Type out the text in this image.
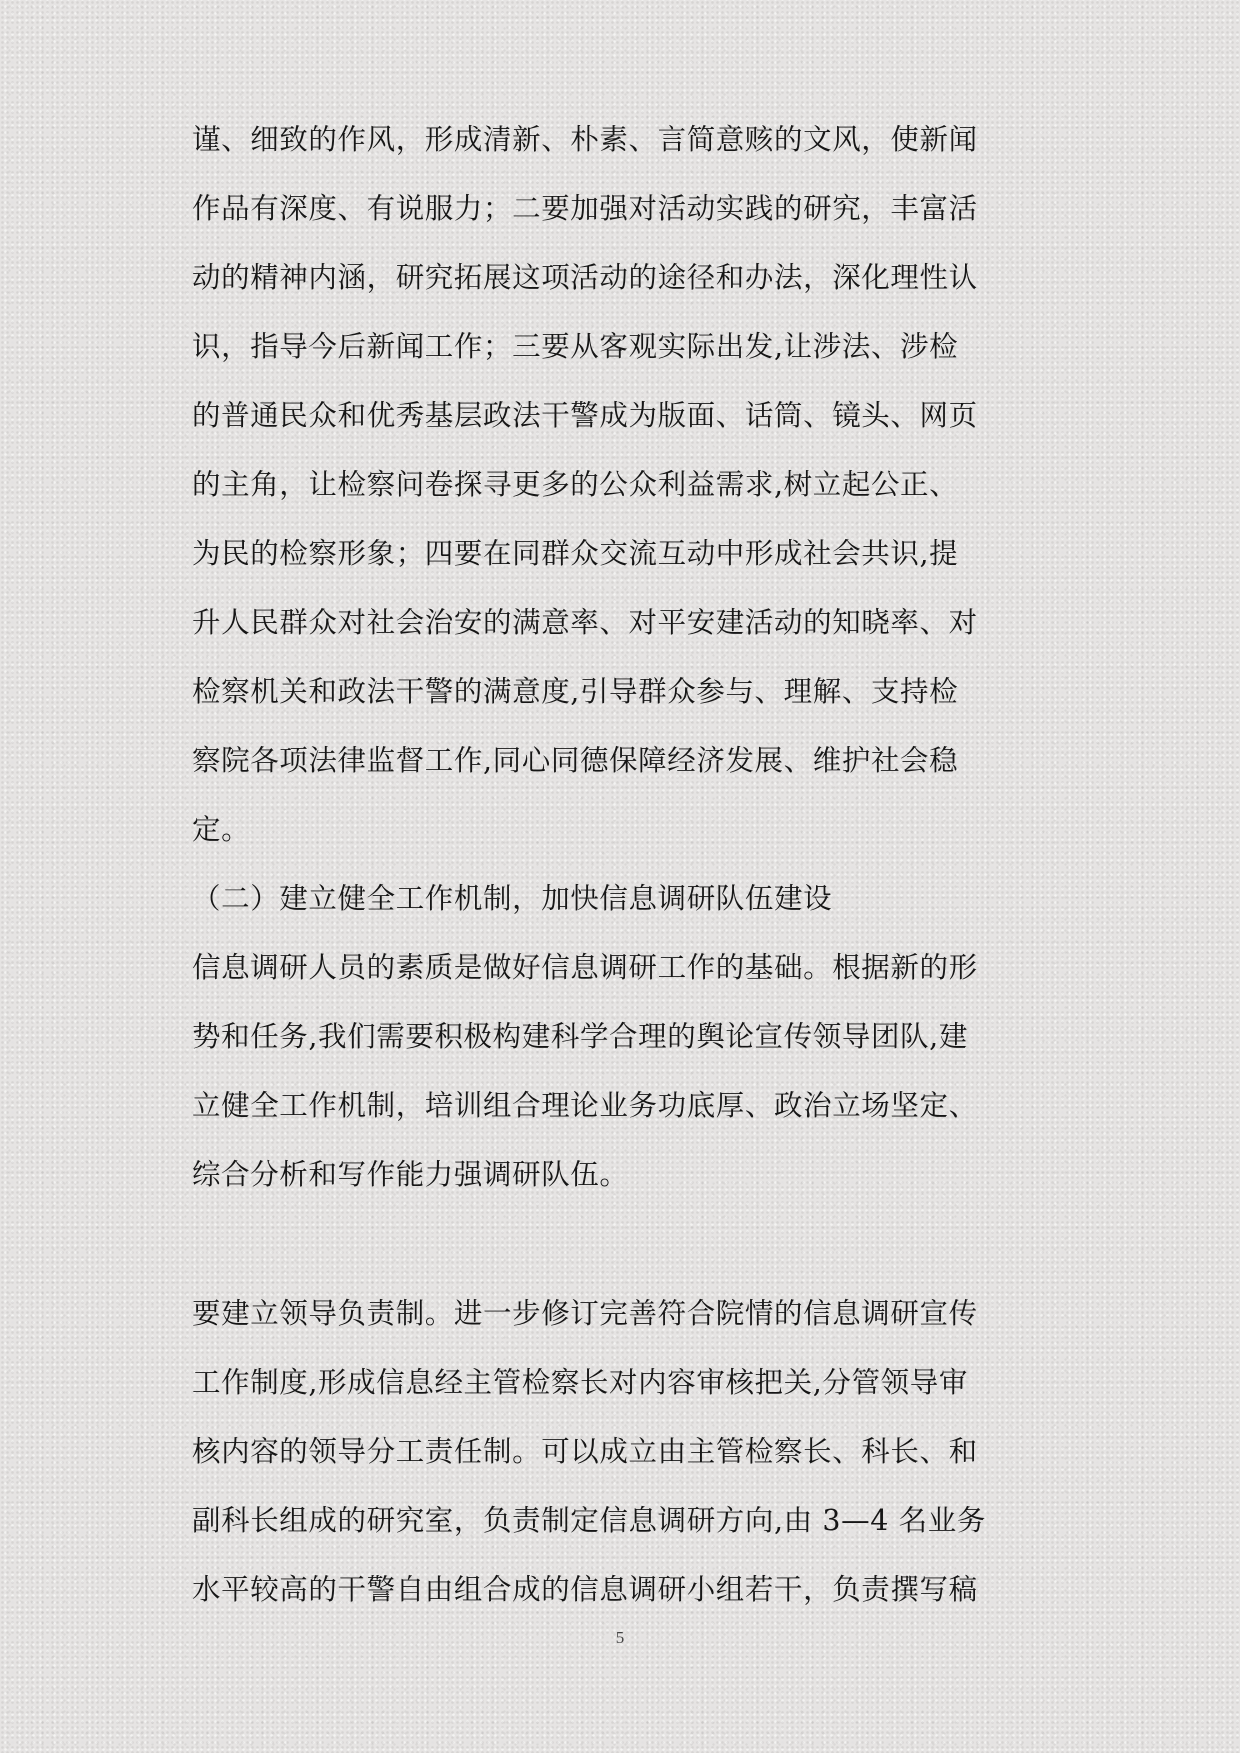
谨、细致的作风，形成清新、朴素、言简意赅的文风，使新闻
作品有深度、有说服力；二要加强对活动实践的研究，丰富活
动的精神内涵，研究拓展这项活动的途径和办法，深化理性认
识，指导今后新闻工作；三要从客观实际出发,让涉法、涉检
的普通民众和优秀基层政法干警成为版面、话筒、镜头、网页
的主角，让检察问卷探寻更多的公众利益需求,树立起公正、
为民的检察形象；四要在同群众交流互动中形成社会共识,提
升人民群众对社会治安的满意率、对平安建活动的知晓率、对
检察机关和政法干警的满意度,引导群众参与、理解、支持检
察院各项法律监督工作,同心同德保障经济发展、维护社会稳
定。
（二）建立健全工作机制，加快信息调研队伍建设
信息调研人员的素质是做好信息调研工作的基础。根据新的形
势和任务,我们需要积极构建科学合理的舆论宣传领导团队,建
立健全工作机制，培训组合理论业务功底厚、政治立场坚定、
综合分析和写作能力强调研队伍。
要建立领导负责制。进一步修订完善符合院情的信息调研宣传
工作制度,形成信息经主管检察长对内容审核把关,分管领导审
核内容的领导分工责任制。可以成立由主管检察长、科长、和
副科长组成的研究室，负责制定信息调研方向,由 3—4 名业务
水平较高的干警自由组合成的信息调研小组若干，负责撰写稿
5
